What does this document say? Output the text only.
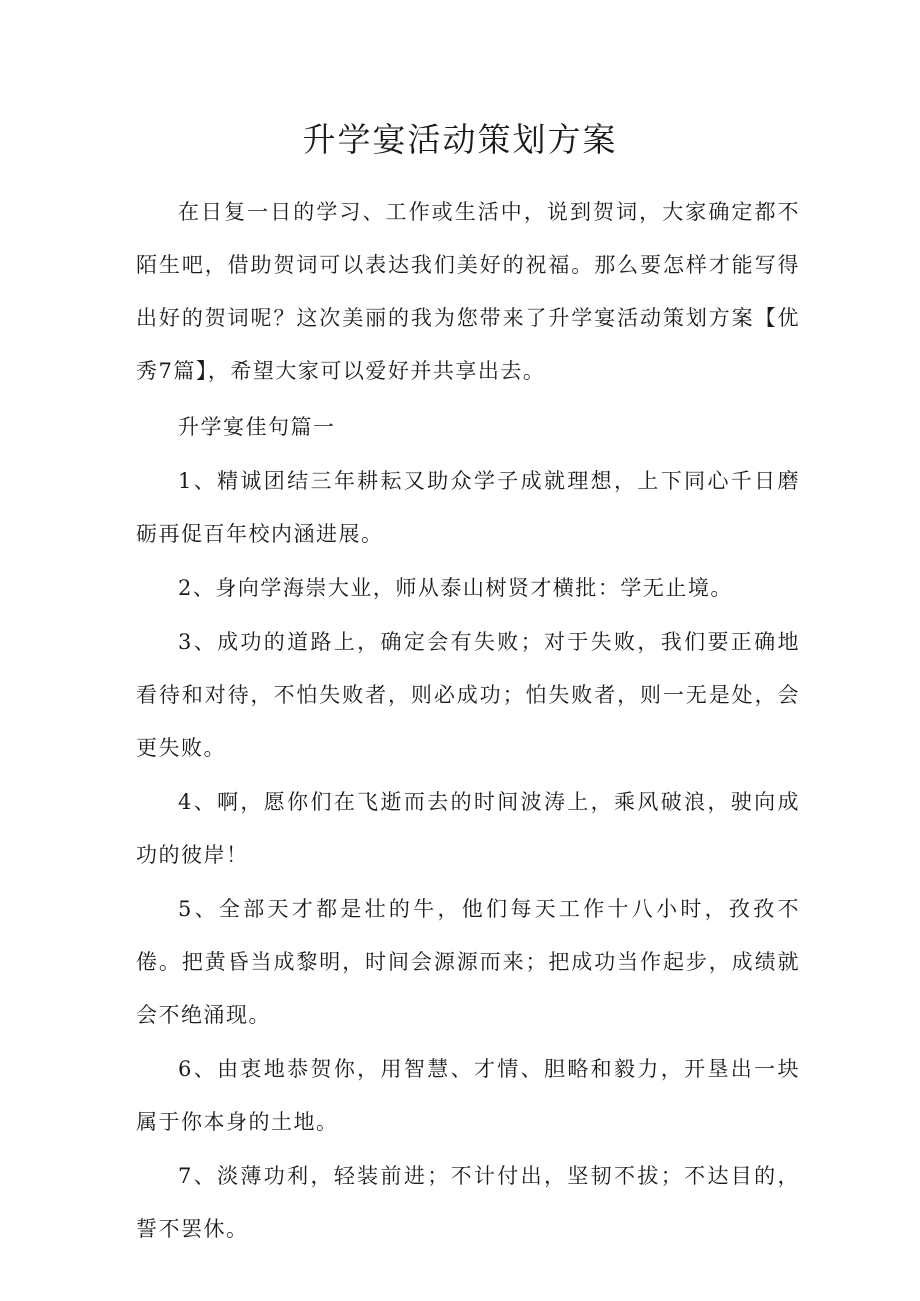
升学宴活动策划方案

在日复一日的学习、工作或生活中，说到贺词，大家确定都不陌生吧，借助贺词可以表达我们美好的祝福。那么要怎样才能写得出好的贺词呢？这次美丽的我为您带来了升学宴活动策划方案【优秀7篇】，希望大家可以爱好并共享出去。

升学宴佳句篇一

1、精诚团结三年耕耘又助众学子成就理想，上下同心千日磨砺再促百年校内涵进展。

2、身向学海崇大业，师从泰山树贤才横批：学无止境。

3、成功的道路上，确定会有失败；对于失败，我们要正确地看待和对待，不怕失败者，则必成功；怕失败者，则一无是处，会更失败。

4、啊，愿你们在飞逝而去的时间波涛上，乘风破浪，驶向成功的彼岸！

5、全部天才都是壮的牛，他们每天工作十八小时，孜孜不倦。把黄昏当成黎明，时间会源源而来；把成功当作起步，成绩就会不绝涌现。

6、由衷地恭贺你，用智慧、才情、胆略和毅力，开垦出一块属于你本身的土地。

7、淡薄功利，轻装前进；不计付出，坚韧不拔；不达目的，誓不罢休。
